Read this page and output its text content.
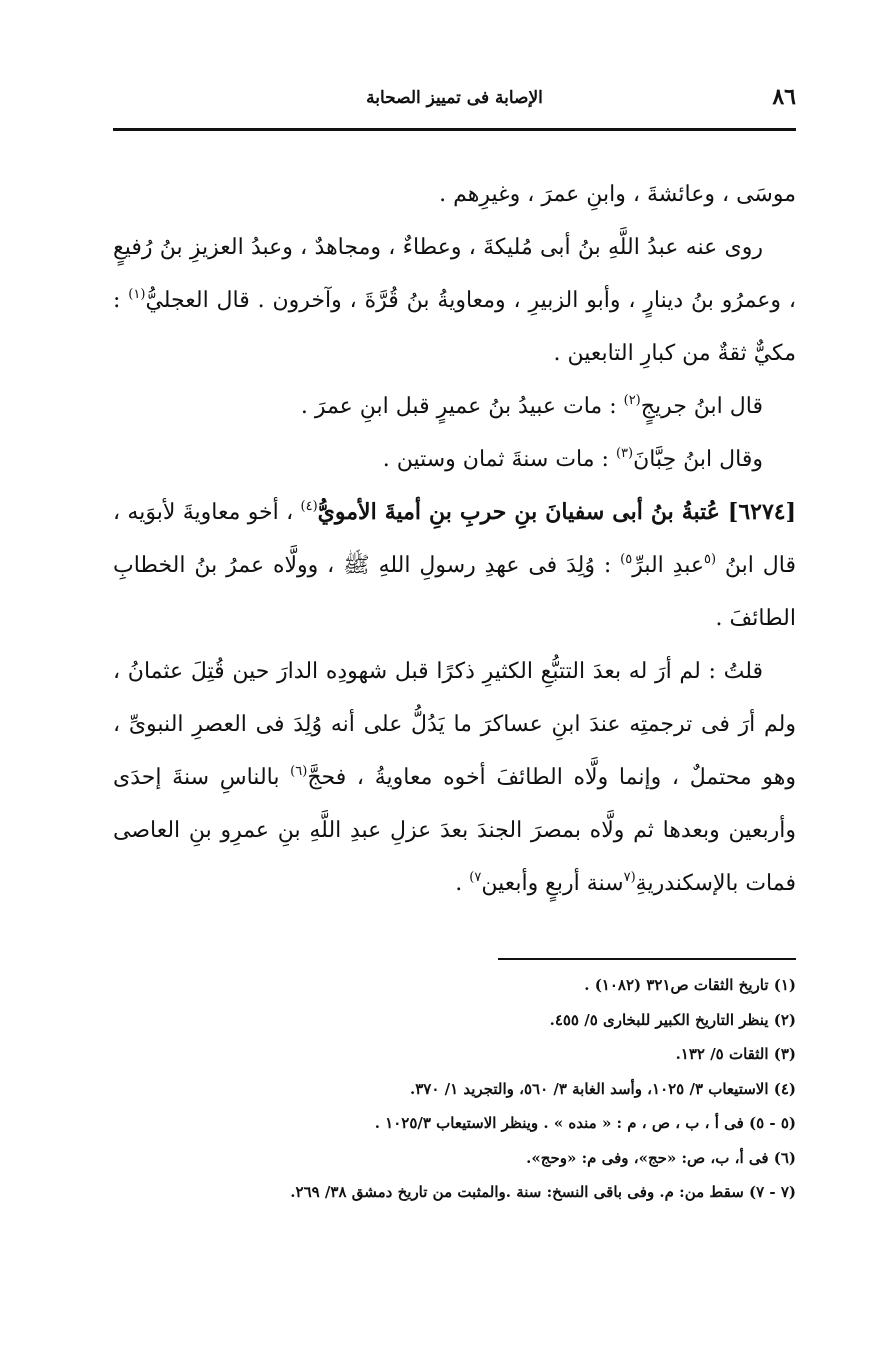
٨٦
الإصابة فى تمييز الصحابة

موسَى ، وعائشةَ ، وابنِ عمرَ ، وغيرِهم .

روى عنه عبدُ اللَّهِ بنُ أبى مُليكةَ ، وعطاءٌ ، ومجاهدٌ ، وعبدُ العزيزِ بنُ رُفيعٍ ، وعمرُو بنُ دينارٍ ، وأبو الزبيرِ ، ومعاويةُ بنُ قُرَّةَ ، وآخرون . قال العجليُّ$^{(١)}$ : مكيٌّ ثقةٌ من كبارِ التابعين .

قال ابنُ جريجٍ$^{(٢)}$ : مات عبيدُ بنُ عميرٍ قبل ابنِ عمرَ .

وقال ابنُ حِبَّانَ$^{(٣)}$ : مات سنةَ ثمان وستين .

[٦٢٧٤] عُتبةُ بنُ أبى سفيانَ بنِ حربِ بنِ أميةَ الأمويُّ$^{(٤)}$ ، أخو معاويةَ لأبوَيه ، قال ابنُ $^{(٥}$عبدِ البرِّ$^{٥)}$ : وُلِدَ فى عهدِ رسولِ اللهِ ﷺ ، وولَّاه عمرُ بنُ الخطابِ الطائفَ .

قلتُ : لم أرَ له بعدَ التتبُّعِ الكثيرِ ذكرًا قبل شهودِه الدارَ حين قُتِلَ عثمانُ ، ولم أرَ فى ترجمتِه عندَ ابنِ عساكرَ ما يَدُلُّ على أنه وُلِدَ فى العصرِ النبوىِّ ، وهو محتملٌ ، وإنما ولَّاه الطائفَ أخوه معاويةُ ، فحجَّ$^{(٦)}$ بالناسِ سنةَ إحدَى وأربعين وبعدها ثم ولَّاه بمصرَ الجندَ بعدَ عزلِ عبدِ اللَّهِ بنِ عمرِو بنِ العاصى فمات بالإسكندريةِ$^{(٧}$سنة أربعٍ وأبعين$^{٧)}$ .

(١) تاريخ الثقات ص٣٢١ (١٠٨٢) .
(٢) ينظر التاريخ الكبير للبخارى ٥/ ٤٥٥.
(٣) الثقات ٥/ ١٣٢.
(٤) الاستيعاب ٣/ ١٠٢٥، وأسد الغابة ٣/ ٥٦٠، والتجريد ١/ ٣٧٠.
(٥ - ٥) فى أ ، ب ، ص ، م : « منده » . وينظر الاستيعاب ١٠٢٥/٣ .
(٦) فى أ، ب، ص: «حج»، وفى م: «وحج».
(٧ - ٧) سقط من: م. وفى باقى النسخ: سنة .والمثبت من تاريخ دمشق ٣٨/ ٢٦٩.
